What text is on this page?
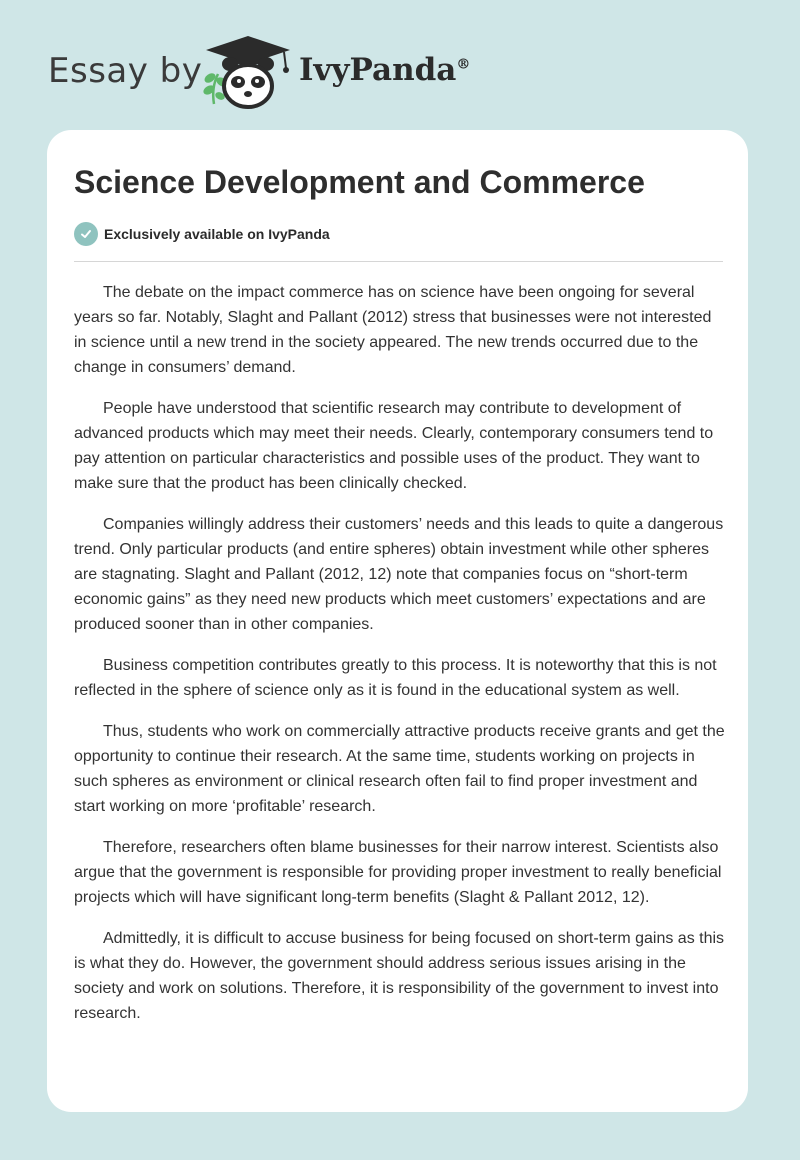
Essay by	IvyPanda®
Science Development and Commerce
Exclusively available on IvyPanda

The debate on the impact commerce has on science have been ongoing for several years so far. Notably, Slaght and Pallant (2012) stress that businesses were not interested in science until a new trend in the society appeared. The new trends occurred due to the change in consumers’ demand.

People have understood that scientific research may contribute to development of advanced products which may meet their needs. Clearly, contemporary consumers tend to pay attention on particular characteristics and possible uses of the product. They want to make sure that the product has been clinically checked.

Companies willingly address their customers’ needs and this leads to quite a dangerous trend. Only particular products (and entire spheres) obtain investment while other spheres are stagnating. Slaght and Pallant (2012, 12) note that companies focus on “short-term economic gains” as they need new products which meet customers’ expectations and are produced sooner than in other companies.

Business competition contributes greatly to this process. It is noteworthy that this is not reflected in the sphere of science only as it is found in the educational system as well.

Thus, students who work on commercially attractive products receive grants and get the opportunity to continue their research. At the same time, students working on projects in such spheres as environment or clinical research often fail to find proper investment and start working on more ‘profitable’ research.

Therefore, researchers often blame businesses for their narrow interest. Scientists also argue that the government is responsible for providing proper investment to really beneficial projects which will have significant long-term benefits (Slaght & Pallant 2012, 12).

Admittedly, it is difficult to accuse business for being focused on short-term gains as this is what they do. However, the government should address serious issues arising in the society and work on solutions. Therefore, it is responsibility of the government to invest into research.
